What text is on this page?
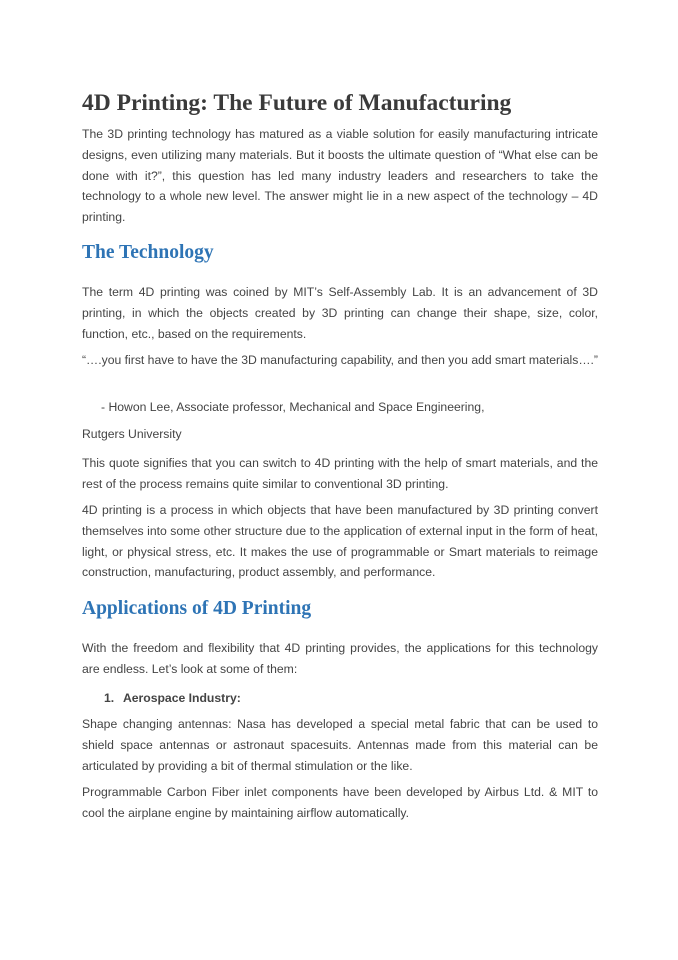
4D Printing: The Future of Manufacturing

The 3D printing technology has matured as a viable solution for easily manufacturing intricate designs, even utilizing many materials. But it boosts the ultimate question of “What else can be done with it?”, this question has led many industry leaders and researchers to take the technology to a whole new level. The answer might lie in a new aspect of the technology – 4D printing.

The Technology

The term 4D printing was coined by MIT’s Self-Assembly Lab. It is an advancement of 3D printing, in which the objects created by 3D printing can change their shape, size, color, function, etc., based on the requirements.

“….you first have to have the 3D manufacturing capability, and then you add smart materials….”

- Howon Lee, Associate professor, Mechanical and Space Engineering,

Rutgers University

This quote signifies that you can switch to 4D printing with the help of smart materials, and the rest of the process remains quite similar to conventional 3D printing.

4D printing is a process in which objects that have been manufactured by 3D printing convert themselves into some other structure due to the application of external input in the form of heat, light, or physical stress, etc. It makes the use of programmable or Smart materials to reimage construction, manufacturing, product assembly, and performance.

Applications of 4D Printing

With the freedom and flexibility that 4D printing provides, the applications for this technology are endless. Let’s look at some of them:

1. Aerospace Industry:

Shape changing antennas: Nasa has developed a special metal fabric that can be used to shield space antennas or astronaut spacesuits. Antennas made from this material can be articulated by providing a bit of thermal stimulation or the like.

Programmable Carbon Fiber inlet components have been developed by Airbus Ltd. & MIT to cool the airplane engine by maintaining airflow automatically.
